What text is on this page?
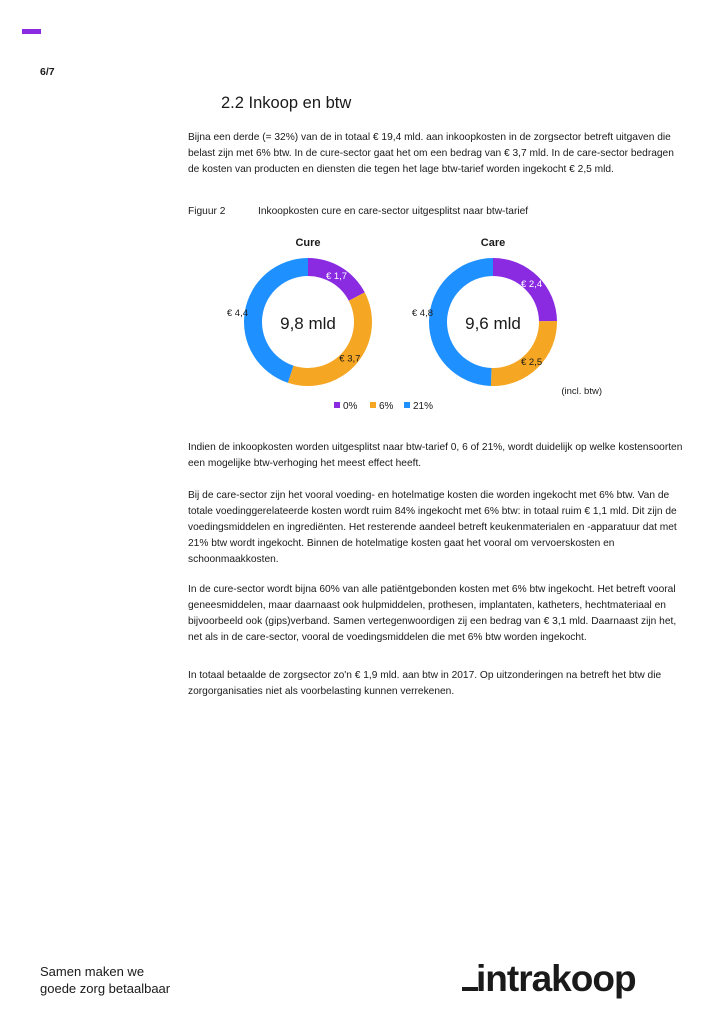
6/7
2.2 Inkoop en btw

Bijna een derde (= 32%) van de in totaal € 19,4 mld. aan inkoopkosten in de zorgsector betreft uitgaven die belast zijn met 6% btw. In de cure-sector gaat het om een bedrag van € 3,7 mld. In de care-sector bedragen de kosten van producten en diensten die tegen het lage btw-tarief worden ingekocht € 2,5 mld.

Figuur 2	Inkoopkosten cure en care-sector uitgesplitst naar btw-tarief
Cure
€ 1,7
€ 3,7
€ 4,4
9,8 mld
Care
€ 2,4
€ 2,5
€ 4,8
9,6 mld
(incl. btw)
0% 6% 21%

Indien de inkoopkosten worden uitgesplitst naar btw-tarief 0, 6 of 21%, wordt duidelijk op welke kostensoorten een mogelijke btw-verhoging het meest effect heeft.

Bij de care-sector zijn het vooral voeding- en hotelmatige kosten die worden ingekocht met 6% btw. Van de totale voedinggerelateerde kosten wordt ruim 84% ingekocht met 6% btw: in totaal ruim € 1,1 mld. Dit zijn de voedingsmiddelen en ingrediënten. Het resterende aandeel betreft keukenmaterialen en -apparatuur dat met 21% btw wordt ingekocht. Binnen de hotelmatige kosten gaat het vooral om vervoerskosten en schoonmaakkosten.

In de cure-sector wordt bijna 60% van alle patiëntgebonden kosten met 6% btw ingekocht. Het betreft vooral geneesmiddelen, maar daarnaast ook hulpmiddelen, prothesen, implantaten, katheters, hechtmateriaal en bijvoorbeeld ook (gips)verband. Samen vertegenwoordigen zij een bedrag van € 3,1 mld. Daarnaast zijn het, net als in de care-sector, vooral de voedingsmiddelen die met 6% btw worden ingekocht.

In totaal betaalde de zorgsector zo'n € 1,9 mld. aan btw in 2017. Op uitzonderingen na betreft het btw die zorgorganisaties niet als voorbelasting kunnen verrekenen.

Samen maken we
goede zorg betaalbaar	intrakoop
